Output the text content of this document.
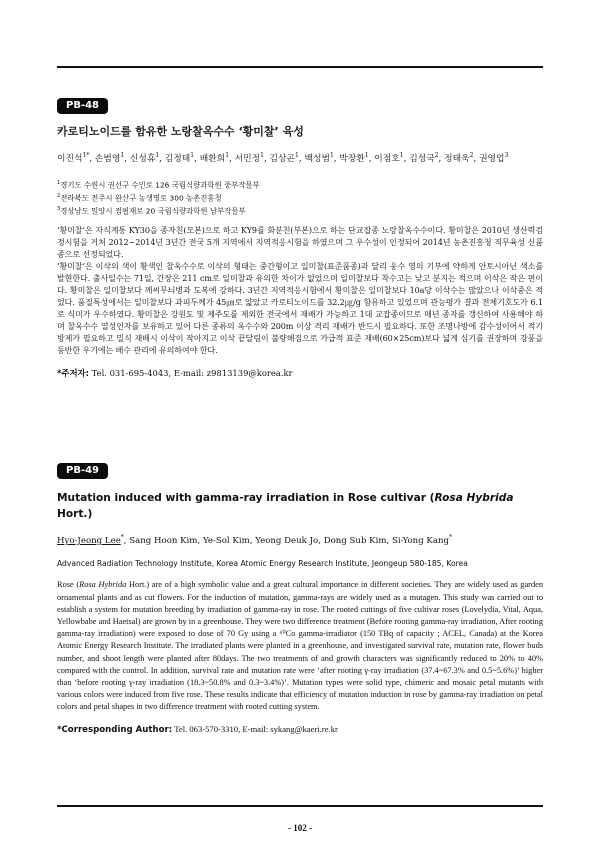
PB-48
카로티노이드를 함유한 노랑찰옥수수 ‘황미찰’ 육성
이진석$^{1*}$, 손범영$^1$, 신성휴$^1$, 김정태$^1$, 배환희$^1$, 서민정$^1$, 김상곤$^1$, 백성범$^1$, 박장환$^1$, 이점호$^1$, 김성국$^2$, 정태욱$^2$, 권영업$^3$
$^1$경기도 수원시 권선구 수인로 126 국립식량과학원 중부작물부
$^2$전라북도 전주시 완산구 농생명로 300 농촌진흥청
$^3$경상남도 밀양시 점필재로 20 국립식량과학원 남부작물부

‘황미찰’은 자식계통 KY30을 종자친(모본)으로 하고 KY9를 화분친(부본)으로 하는 단교잡종 노랑찰옥수수이다. 황미찰은 2010년 생산력검정시험을 거쳐 2012~2014년 3년간 전국 5개 지역에서 지역적응시험을 하였으며 그 우수성이 인정되어 2014년 농촌진흥청 직무육성 신품종으로 선정되었다.

‘황미찰’은 이삭의 색이 황색인 찰옥수수로 이삭의 형태는 중간형이고 일미찰(표준품종)과 달리 웅수 영의 기부에 약하게 안토시아닌 색소를 발현한다. 출사일수는 71일, 간장은 211 cm로 일미찰과 유의한 차이가 없었으며 일미찰보다 착수고는 낮고 분지는 적으며 이삭은 작은 편이다. 황미찰은 일미찰보다 깨씨무늬병과 도복에 강하다. 3년간 지역적응시험에서 황미찰은 일미찰보다 10a당 이삭수는 많았으나 이삭중은 적었다. 품질특성에서는 일미찰보다 과피두께가 45㎛로 얇았고 카로티노이드를 32.2㎍/g 함유하고 있었으며 관능평가 결과 전체기호도가 6.1로 식미가 우수하였다. 황미찰은 강원도 및 제주도를 제외한 전국에서 재배가 가능하고 1대 교잡종이므로 매년 종자를 갱신하여 사용해야 하며 찰옥수수 열성인자를 보유하고 있어 다른 종류의 옥수수와 200m 이상 격리 재배가 반드시 필요하다. 또한 조명나방에 감수성이어서 적기 방제가 필요하고 밀식 재배시 이삭이 작아지고 이삭 끝달림이 불량해짐으로 가급적 표준 재배(60×25cm)보다 넓게 심기를 권장하며 강풍을 동반한 우기에는 배수 관리에 유의하여야 한다.

*주저자: Tel. 031-695-4043, E-mail: z9813139@korea.kr
PB-49
Mutation induced with gamma-ray irradiation in Rose cultivar (Rosa Hybrida Hort.)
Hyo-Jeong Lee*, Sang Hoon Kim, Ye-Sol Kim, Yeong Deuk Jo, Dong Sub Kim, Si-Yong Kang*
Advanced Radiation Technology Institute, Korea Atomic Energy Research Institute, Jeongeup 580-185, Korea

Rose (Rosa Hybrida Hort.) are of a high symbolic value and a great cultural importance in different societies. They are widely used as garden ornamental plants and as cut flowers. For the induction of mutation, gamma-rays are widely used as a mutagen. This study was carried out to establish a system for mutation breeding by irradiation of gamma-ray in rose. The rooted cuttings of five cultivar roses (Lovelydia, Vital, Aqua, Yellowbabe and Haetsal) are grown by in a greenhouse. They were two difference treatment (Before rooting gamma-ray irradiation, After rooting gamma-ray irradiation) were exposed to dose of 70 Gy using a ⁶⁰Co gamma-irradiator (150 TBq of capacity ; ACEL, Canada) at the Korea Atomic Energy Research Institute. The irradiated plants were planted in a greenhouse, and investigated survival rate, mutation rate, flower buds number, and shoot length were planted after 80days. The two treatments of and growth characters was significantly reduced to 20% to 40% compared with the control. In addition, survival rate and mutation rate were ‘after rooting γ-ray irradiation (37.4~67.3% and 0.5~5.6%)’ higher than ‘before rooting γ-ray irradiation (18.3~50.8% and 0.3~3.4%)’. Mutation types were solid type, chimeric and mosaic petal mutants with various colors were induced from five rose. These results indicate that efficiency of mutation induction in rose by gamma-ray irradiation on petal colors and petal shapes in two difference treatment with rooted cutting system.

*Corresponding Author: Tel. 063-570-3310, E-mail: sykang@kaeri.re.kr
- 102 -
